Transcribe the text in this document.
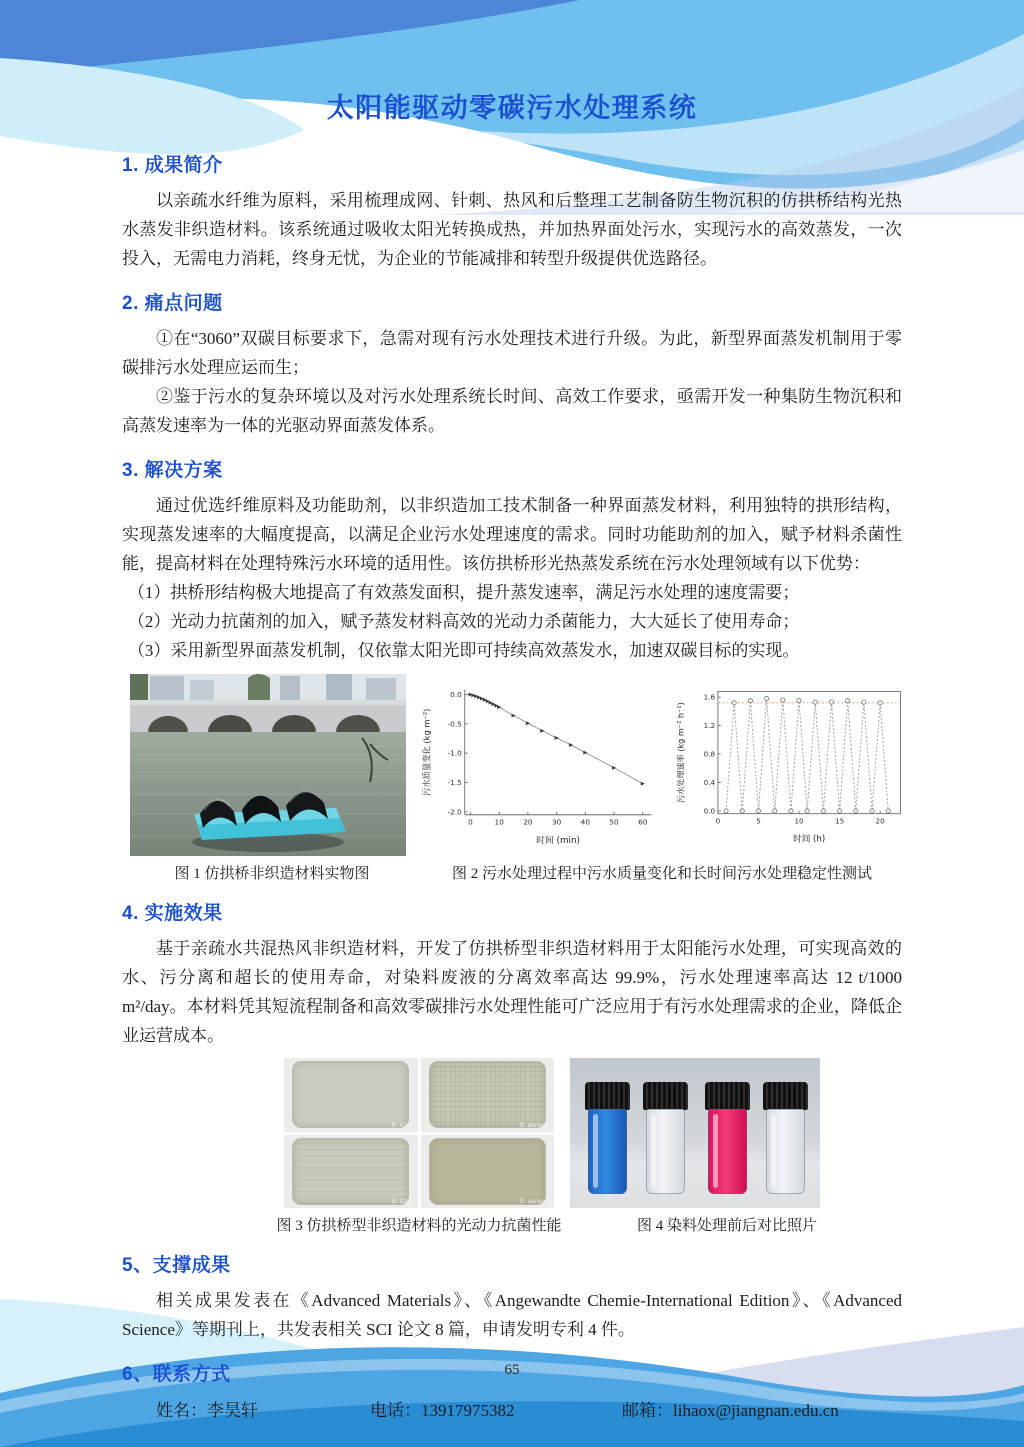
太阳能驱动零碳污水处理系统
1. 成果简介

以亲疏水纤维为原料，采用梳理成网、针刺、热风和后整理工艺制备防生物沉积的仿拱桥结构光热水蒸发非织造材料。该系统通过吸收太阳光转换成热，并加热界面处污水，实现污水的高效蒸发，一次投入，无需电力消耗，终身无忧，为企业的节能减排和转型升级提供优选路径。

2. 痛点问题

①在“3060”双碳目标要求下，急需对现有污水处理技术进行升级。为此，新型界面蒸发机制用于零碳排污水处理应运而生；

②鉴于污水的复杂环境以及对污水处理系统长时间、高效工作要求，亟需开发一种集防生物沉积和高蒸发速率为一体的光驱动界面蒸发体系。

3. 解决方案

通过优选纤维原料及功能助剂，以非织造加工技术制备一种界面蒸发材料，利用独特的拱形结构，实现蒸发速率的大幅度提高，以满足企业污水处理速度的需求。同时功能助剂的加入，赋予材料杀菌性能，提高材料在处理特殊污水环境的适用性。该仿拱桥形光热蒸发系统在污水处理领域有以下优势：

（1）拱桥形结构极大地提高了有效蒸发面积，提升蒸发速率，满足污水处理的速度需要；

（2）光动力抗菌剂的加入，赋予蒸发材料高效的光动力杀菌能力，大大延长了使用寿命；

（3）采用新型界面蒸发机制，仅依靠太阳光即可持续高效蒸发水，加速双碳目标的实现。

0	10	20	30	40	50	60
0.0
-0.5
-1.0
-1.5
-2.0
时间 (min)
污水质量变化 (kg m⁻²)
0	5	10	15	20
0.0
0.4
0.8
1.2
1.6
时间 (h)
污水处理速率 (kg m⁻² h⁻¹)
图 1 仿拱桥非织造材料实物图	图 2 污水处理过程中污水质量变化和长时间污水处理稳定性测试
4. 实施效果

基于亲疏水共混热风非织造材料，开发了仿拱桥型非织造材料用于太阳能污水处理，可实现高效的水、污分离和超长的使用寿命，对染料废液的分离效率高达 99.9%，污水处理速率高达 12 t/1000 m²/day。本材料凭其短流程制备和高效零碳排污水处理性能可广泛应用于有污水处理需求的企业，降低企业运营成本。

E. Coli	S. aureus
E. Coli	S. aureus
图 3 仿拱桥型非织造材料的光动力抗菌性能	图 4 染料处理前后对比照片
5、支撑成果

相关成果发表在《Advanced Materials》、《Angewandte Chemie-International Edition》、《Advanced Science》等期刊上，共发表相关 SCI 论文 8 篇，申请发明专利 4 件。

6、联系方式
姓名：李昊轩	电话：13917975382	邮箱：lihaox@jiangnan.edu.cn
65
